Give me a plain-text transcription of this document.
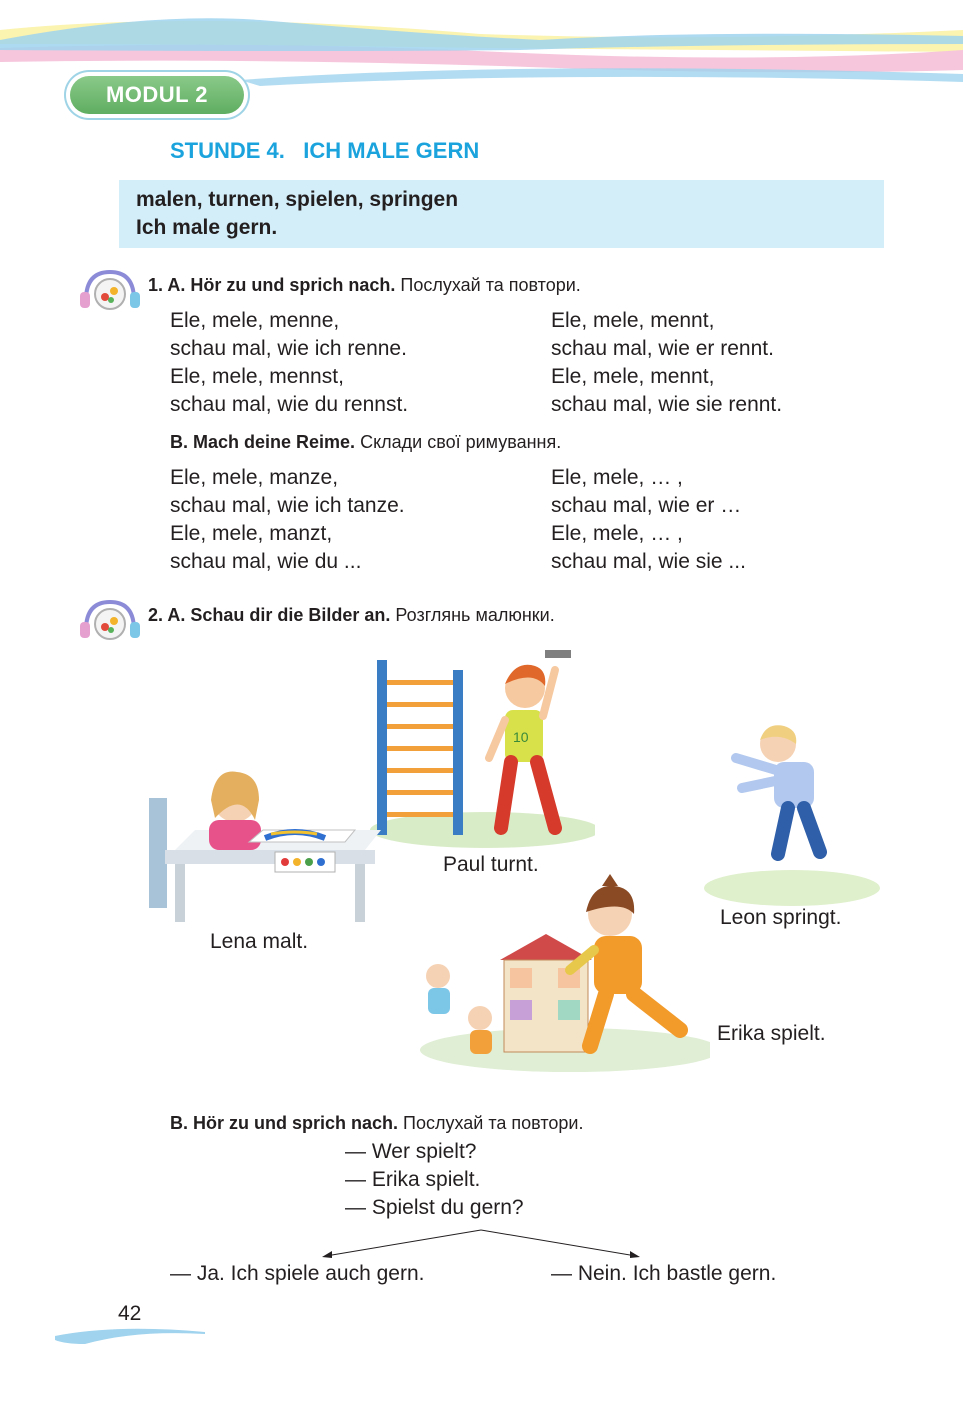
MODUL 2
STUNDE 4.   ICH MALE GERN
malen, turnen, spielen, springen
Ich male gern.
1. A. Hör zu und sprich nach. Послухай та повтори.
Ele, mele, menne,
schau mal, wie ich renne.
Ele, mele, mennst,
schau mal, wie du rennst.
Ele, mele, mennt,
schau mal, wie er rennt.
Ele, mele, mennt,
schau mal, wie sie rennt.
B. Mach deine Reime. Склади свої римування.
Ele, mele, manze,
schau mal, wie ich tanze.
Ele, mele, manzt,
schau mal, wie du ...
Ele, mele, … ,
schau mal, wie er …
Ele, mele, … ,
schau mal, wie sie ...
2. A. Schau dir die Bilder an. Розглянь малюнки.
10
Paul turnt.
Lena malt.
Leon springt.
Erika spielt.
B. Hör zu und sprich nach. Послухай та повтори.
— Wer spielt?
— Erika spielt.
— Spielst du gern?
— Ja. Ich spiele auch gern.	— Nein. Ich bastle gern.
42
